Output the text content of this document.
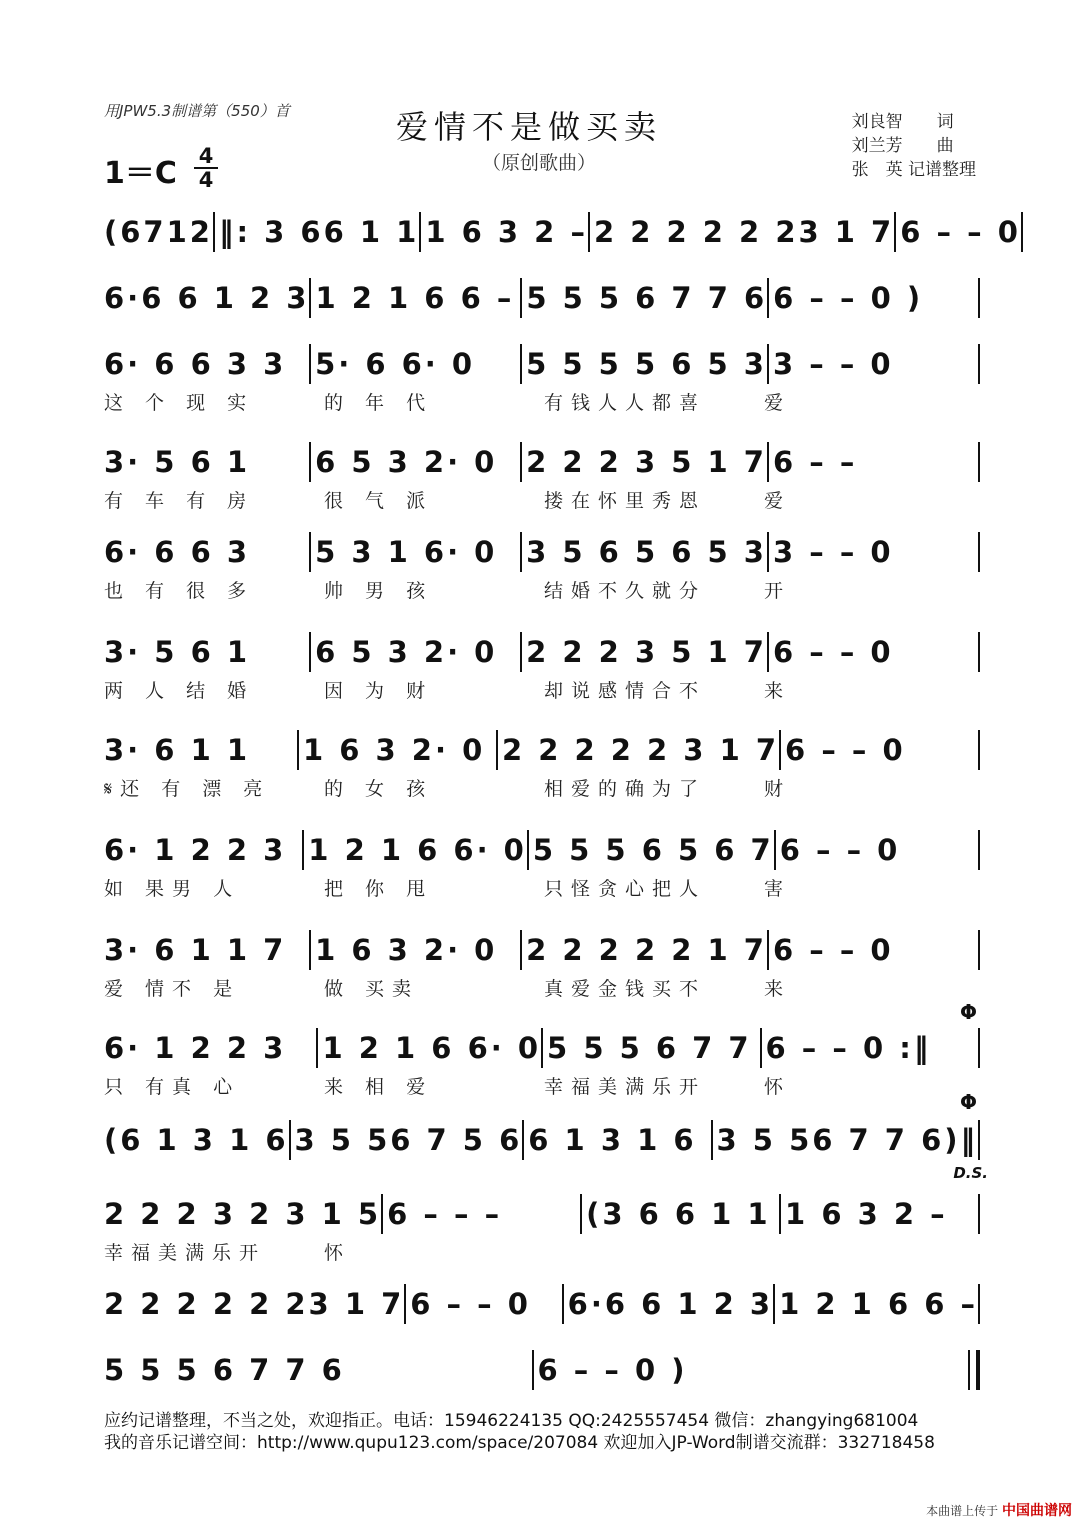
用JPW5.3制谱第（550）首	爱情不是做买卖
（原创歌曲）
刘良智　　词
刘兰芳　　曲
张　英 记谱整理
1＝C 4
4
(6712 ‖: 3 66 1 1 1 6 3 2 – 2 2 2 2 2 23 1 7 6 – – 0
6·6 6 1 2 3 1 2 1 6 6 – 5 5 5 6 7 7 6 6 – – 0 )
6· 6 6 3 3 5· 6 6· 0	5 5 5 5 6 5 3 3 – – 0
这 个 现 实	的 年 代	有钱人人都喜	爱
3· 5 6 1	6 5 3 2· 0 2 2 2 3 5 1 7 6 – –
有 车 有 房	很 气 派	搂在怀里秀恩	爱
6· 6 6 3	5 3 1 6· 0 3 5 6 5 6 5 3 3 – – 0
也 有 很 多	帅 男 孩	结婚不久就分	开
3· 5 6 1	6 5 3 2· 0 2 2 2 3 5 1 7 6 – – 0
两 人 结 婚	因 为 财	却说感情合不	来
3· 6 1 1	1 6 3 2· 0 2 2 2 2 2 3 1 7 6 – – 0
𝄋还 有 漂 亮	的 女 孩	相爱的确为了	财
6· 1 2 2 3 1 2 1 6 6· 0 5 5 5 6 5 6 7 6 – – 0
如 果男 人	把 你 甩	只怪贪心把人	害
3· 6 1 1 7 1 6 3 2· 0 2 2 2 2 2 1 7 6 – – 0
爱 情不 是	做 买卖	真爱金钱买不	来
6· 1 2 2 3	1 2 1 6 6· 0 5 5 5 6 7 7 6 – – 0 :‖
只 有真 心	来 相 爱	幸福美满乐开	怀
(6 1 3 1 6 3 5 56 7 5 6 6 1 3 1 6 3 5 56 7 7 6)‖
2 2 2 3 2 3 1 5 6 – – –	(3 6 6 1 1 1 6 3 2 –
幸福美满乐开	怀
2 2 2 2 2 23 1 7 6 – – 0	6·6 6 1 2 3 1 2 1 6 6 –
5 5 5 6 7 7 6	6 – – 0 )
Φ
Φ
D.S.
应约记谱整理，不当之处，欢迎指正。电话：15946224135 QQ:2425557454 微信：zhangying681004
我的音乐记谱空间：http://www.qupu123.com/space/207084 欢迎加入JP-Word制谱交流群：332718458
本曲谱上传于 中国曲谱网
